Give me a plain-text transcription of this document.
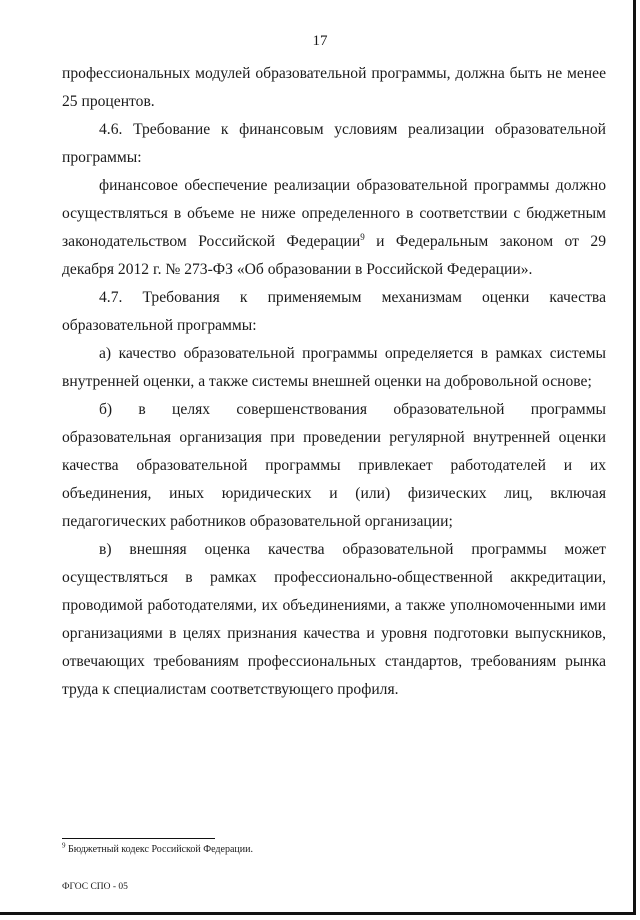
17

профессиональных модулей образовательной программы, должна быть не менее 25 процентов.

4.6. Требование к финансовым условиям реализации образовательной программы:

финансовое обеспечение реализации образовательной программы должно осуществляться в объеме не ниже определенного в соответствии с бюджетным законодательством Российской Федерации$^9$ и Федеральным законом от 29 декабря 2012 г. № 273-ФЗ «Об образовании в Российской Федерации».

4.7. Требования к применяемым механизмам оценки качества образовательной программы:

а) качество образовательной программы определяется в рамках системы внутренней оценки, а также системы внешней оценки на добровольной основе;

б) в целях совершенствования образовательной программы образовательная организация при проведении регулярной внутренней оценки качества образовательной программы привлекает работодателей и их объединения, иных юридических и (или) физических лиц, включая педагогических работников образовательной организации;

в) внешняя оценка качества образовательной программы может осуществляться в рамках профессионально-общественной аккредитации, проводимой работодателями, их объединениями, а также уполномоченными ими организациями в целях признания качества и уровня подготовки выпускников, отвечающих требованиям профессиональных стандартов, требованиям рынка труда к специалистам соответствующего профиля.

$^9$ Бюджетный кодекс Российской Федерации.
ФГОС СПО - 05
